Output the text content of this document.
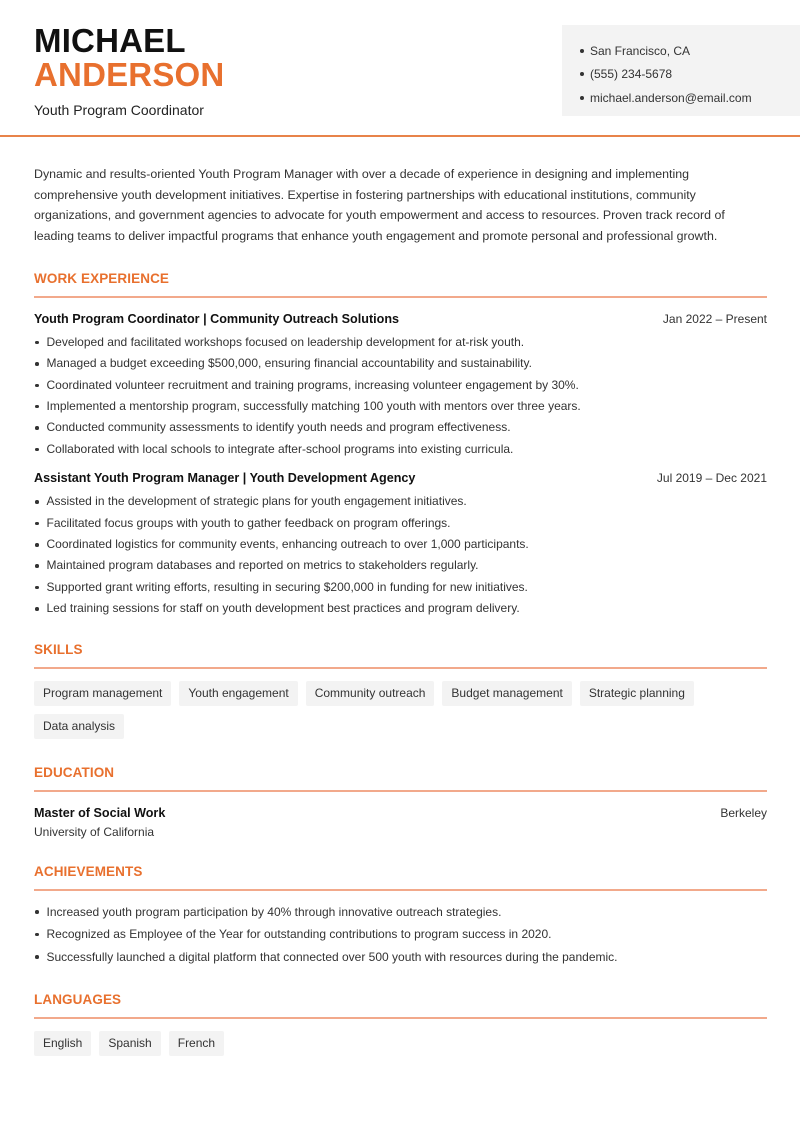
MICHAEL
ANDERSON
Youth Program Coordinator
San Francisco, CA
(555) 234-5678
michael.anderson@email.com

Dynamic and results-oriented Youth Program Manager with over a decade of experience in designing and implementing comprehensive youth development initiatives. Expertise in fostering partnerships with educational institutions, community organizations, and government agencies to advocate for youth empowerment and access to resources. Proven track record of leading teams to deliver impactful programs that enhance youth engagement and promote personal and professional growth.

WORK EXPERIENCE
Youth Program Coordinator | Community Outreach Solutions	Jan 2022 – Present
Developed and facilitated workshops focused on leadership development for at-risk youth.
Managed a budget exceeding $500,000, ensuring financial accountability and sustainability.
Coordinated volunteer recruitment and training programs, increasing volunteer engagement by 30%.
Implemented a mentorship program, successfully matching 100 youth with mentors over three years.
Conducted community assessments to identify youth needs and program effectiveness.
Collaborated with local schools to integrate after-school programs into existing curricula.
Assistant Youth Program Manager | Youth Development Agency	Jul 2019 – Dec 2021
Assisted in the development of strategic plans for youth engagement initiatives.
Facilitated focus groups with youth to gather feedback on program offerings.
Coordinated logistics for community events, enhancing outreach to over 1,000 participants.
Maintained program databases and reported on metrics to stakeholders regularly.
Supported grant writing efforts, resulting in securing $200,000 in funding for new initiatives.
Led training sessions for staff on youth development best practices and program delivery.
SKILLS
Program management	Youth engagement	Community outreach	Budget management	Strategic planning
Data analysis
EDUCATION
Master of Social Work	Berkeley
University of California
ACHIEVEMENTS
Increased youth program participation by 40% through innovative outreach strategies.
Recognized as Employee of the Year for outstanding contributions to program success in 2020.
Successfully launched a digital platform that connected over 500 youth with resources during the pandemic.
LANGUAGES
English	Spanish	French
